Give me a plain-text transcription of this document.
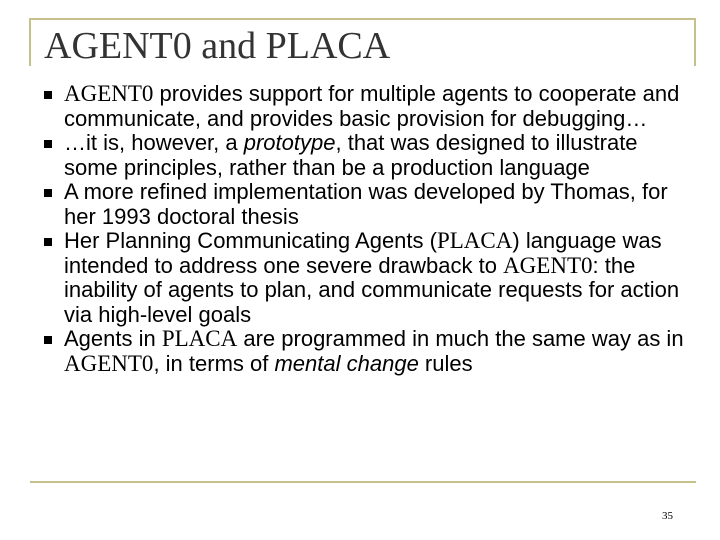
AGENT0 and PLACA
AGENT0 provides support for multiple agents to cooperate and communicate, and provides basic provision for debugging…
…it is, however, a prototype, that was designed to illustrate some principles, rather than be a production language
A more refined implementation was developed by Thomas, for her 1993 doctoral thesis
Her Planning Communicating Agents (PLACA) language was intended to address one severe drawback to AGENT0: the inability of agents to plan, and communicate requests for action via high-level goals
Agents in PLACA are programmed in much the same way as in AGENT0, in terms of mental change rules
35
